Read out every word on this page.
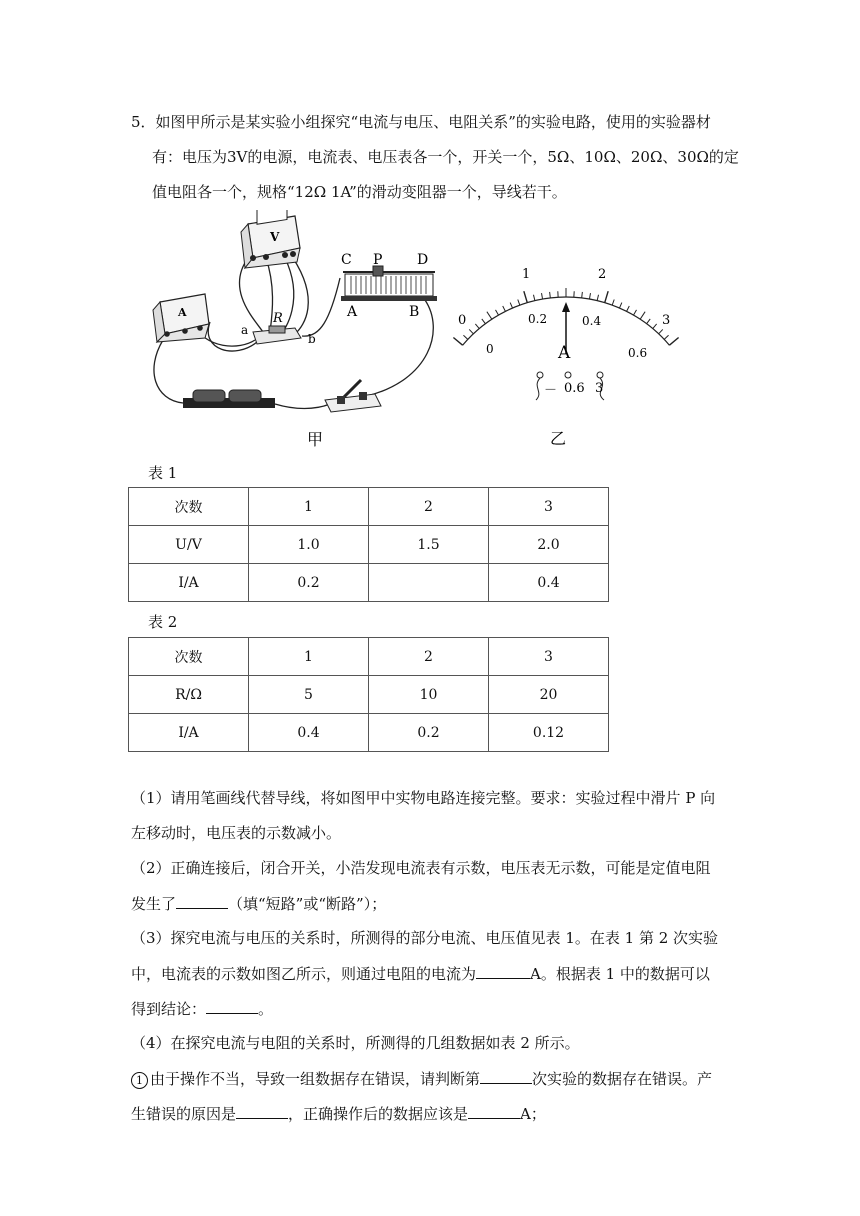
5．如图甲所示是某实验小组探究“电流与电压、电阻关系”的实验电路，使用的实验器材
有：电压为3V的电源，电流表、电压表各一个，开关一个，5Ω、10Ω、20Ω、30Ω的定
值电阻各一个，规格“12Ω 1A”的滑动变阻器一个，导线若干。
V
A	R
a
b
C P D
A	B
甲
0
1	2
3
0
0.2	0.4
0.6
A
－ 0.6 3
乙
表 1
次数	1	2	3
U/V	1.0	1.5	2.0
I/A	0.2		0.4
表 2
次数	1	2	3
R/Ω	5	10	20
I/A	0.4	0.2	0.12
（1）请用笔画线代替导线，将如图甲中实物电路连接完整。要求：实验过程中滑片 P 向
左移动时，电压表的示数减小。
（2）正确连接后，闭合开关，小浩发现电流表有示数，电压表无示数，可能是定值电阻
发生了	（填“短路”或“断路”）；
（3）探究电流与电压的关系时，所测得的部分电流、电压值见表 1。在表 1 第 2 次实验
中，电流表的示数如图乙所示，则通过电阻的电流为	A。根据表 1 中的数据可以
得到结论：	。
（4）在探究电流与电阻的关系时，所测得的几组数据如表 2 所示。
1 由于操作不当，导致一组数据存在错误，请判断第	次实验的数据存在错误。产
生错误的原因是	，正确操作后的数据应该是	A；
